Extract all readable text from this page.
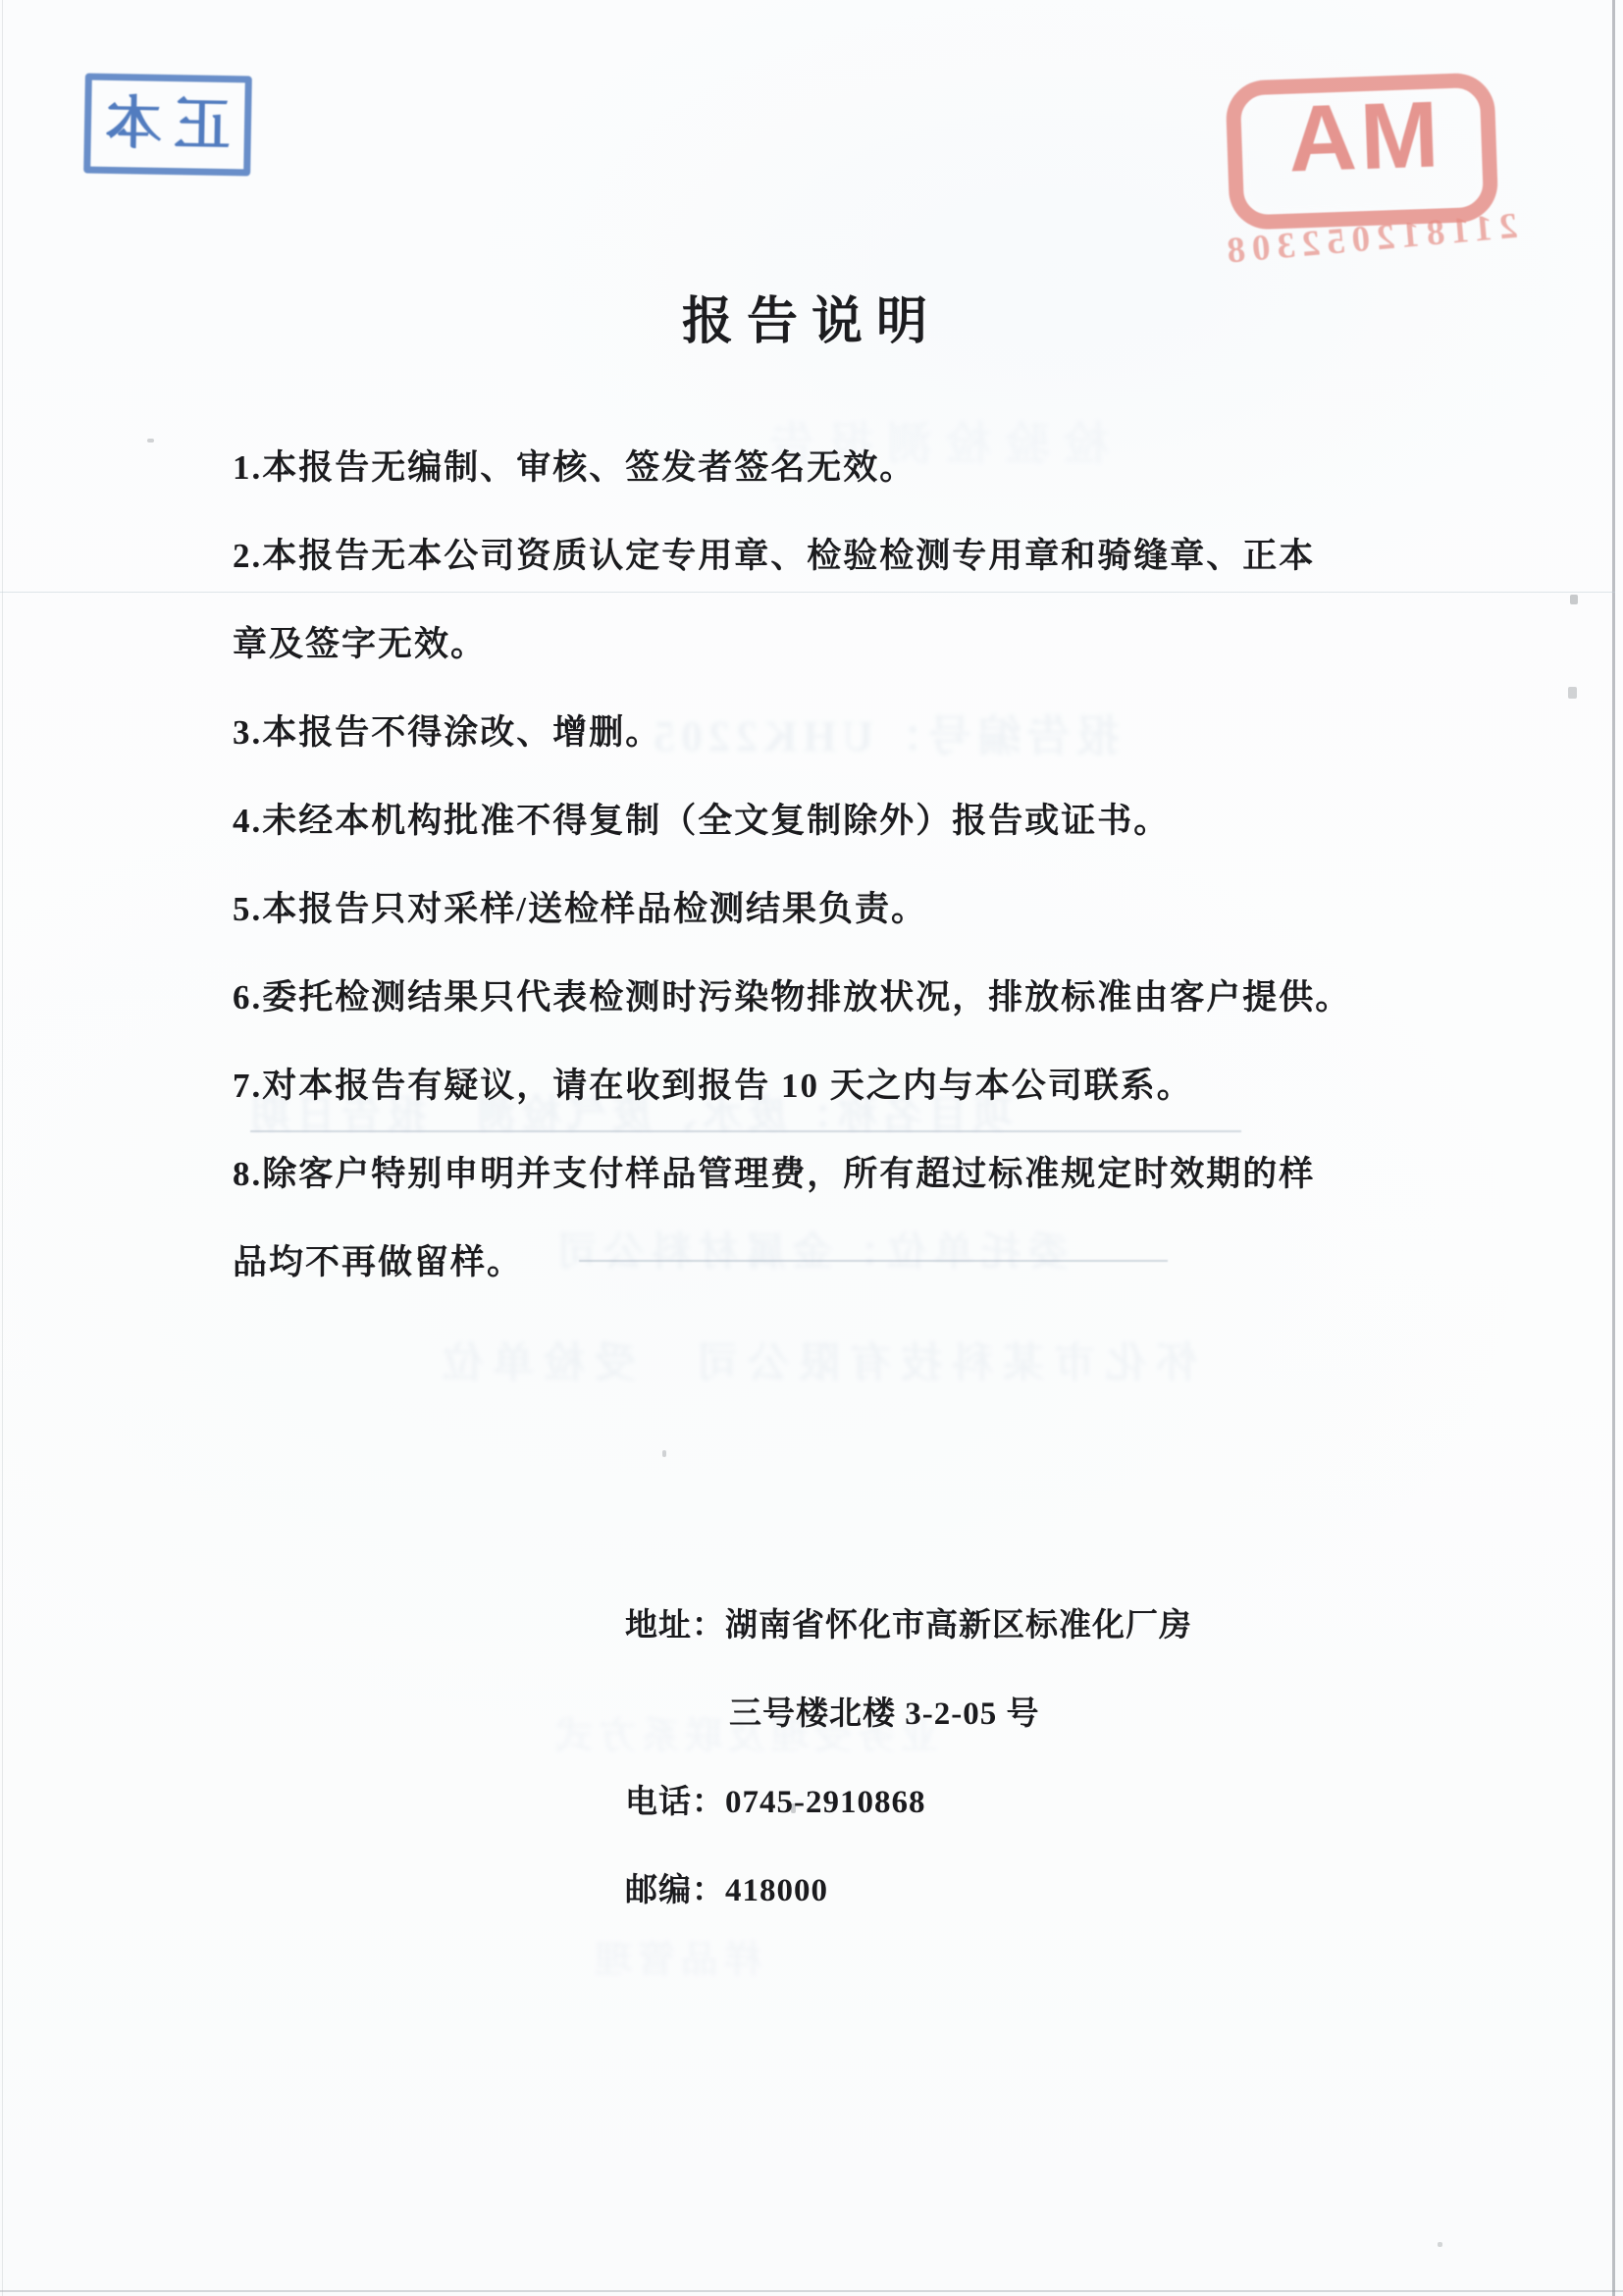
正本	MA
211812052308
检验检测报告
报告编号：UHK2205
项目名称：废水、废气检测　报告日期
委托单位：金属材料公司
怀化市某科技有限公司　受检单位
业务受理及联系方式
样品管理
报告说明
1.本报告无编制、审核、签发者签名无效。
2.本报告无本公司资质认定专用章、检验检测专用章和骑缝章、正本
章及签字无效。
3.本报告不得涂改、增删。
4.未经本机构批准不得复制（全文复制除外）报告或证书。
5.本报告只对采样/送检样品检测结果负责。
6.委托检测结果只代表检测时污染物排放状况，排放标准由客户提供。
7.对本报告有疑议，请在收到报告 10 天之内与本公司联系。
8.除客户特别申明并支付样品管理费，所有超过标准规定时效期的样
品均不再做留样。
地址：湖南省怀化市高新区标准化厂房
三号楼北楼 3-2-05 号
电话：0745-2910868
邮编：418000
